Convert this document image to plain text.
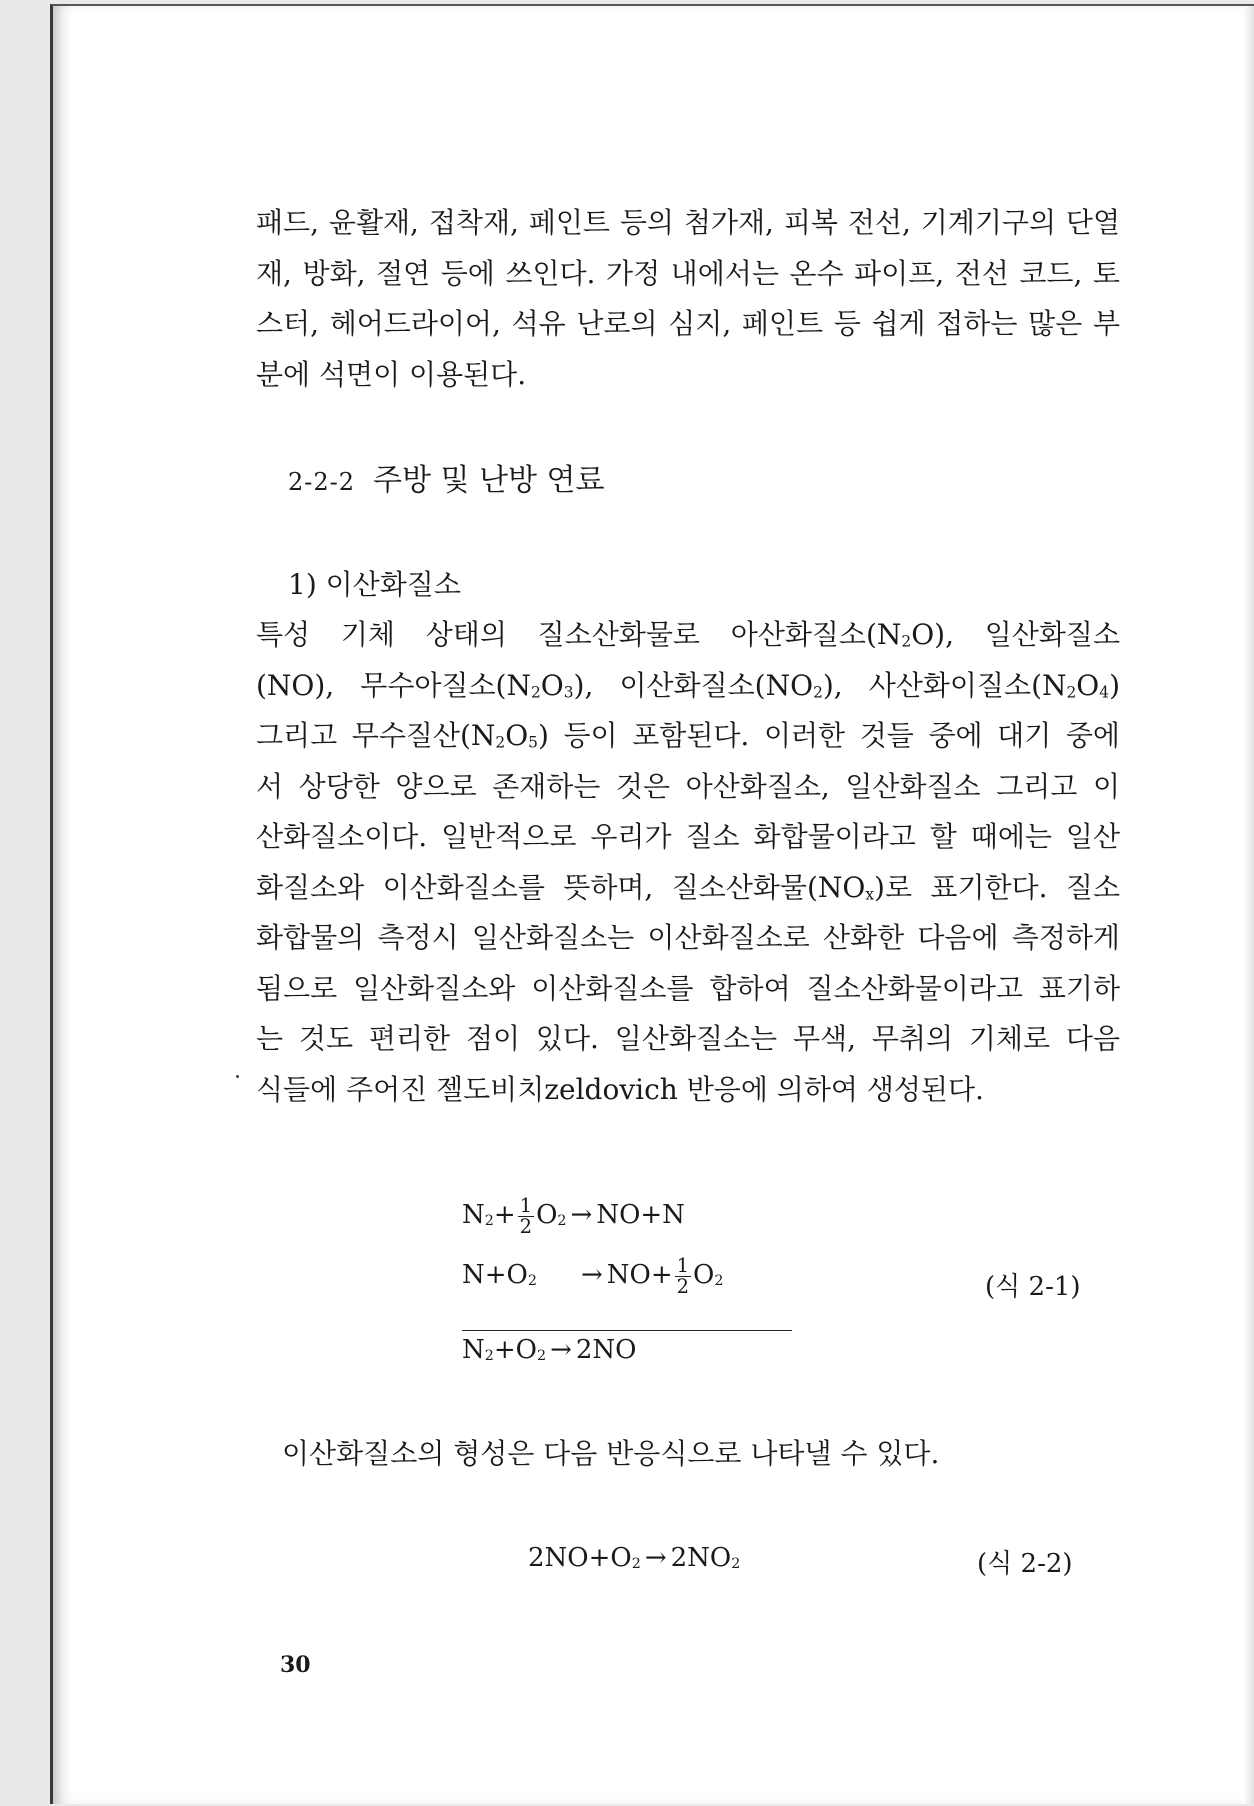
패드, 윤활재, 접착재, 페인트 등의 첨가재, 피복 전선, 기계기구의 단열재, 방화, 절연 등에 쓰인다. 가정 내에서는 온수 파이프, 전선 코드, 토스터, 헤어드라이어, 석유 난로의 심지, 페인트 등 쉽게 접하는 많은 부분에 석면이 이용된다.

2-2-2 주방 및 난방 연료
1) 이산화질소
특성 기체 상태의 질소산화물로 아산화질소$(N_2O)$, 일산화질소
(NO), 무수아질소$(N_2O_3)$, 이산화질소$(NO_2)$, 사산화이질소$(N_2O_4)$
그리고 무수질산$(N_2O_5)$ 등이 포함된다. 이러한 것들 중에 대기 중에
서 상당한 양으로 존재하는 것은 아산화질소, 일산화질소 그리고 이
산화질소이다. 일반적으로 우리가 질소 화합물이라고 할 때에는 일산
화질소와 이산화질소를 뜻하며, 질소산화물$(NO_x)$로 표기한다. 질소
화합물의 측정시 일산화질소는 이산화질소로 산화한 다음에 측정하게
됨으로 일산화질소와 이산화질소를 합하여 질소산화물이라고 표기하
는 것도 편리한 점이 있다. 일산화질소는 무색, 무취의 기체로 다음
식들에 주어진 젤도비치zeldovich 반응에 의하여 생성된다.
$N_2+ \frac{1}{2} O_2 \to NO+N$
$N+O_2 \to NO+ \frac{1}{2} O_2$
$N_2+O_2 \to 2NO$
(식 2-1)

이산화질소의 형성은 다음 반응식으로 나타낼 수 있다.

$2NO+O_2 \to 2NO_2$	(식 2-2)
30
